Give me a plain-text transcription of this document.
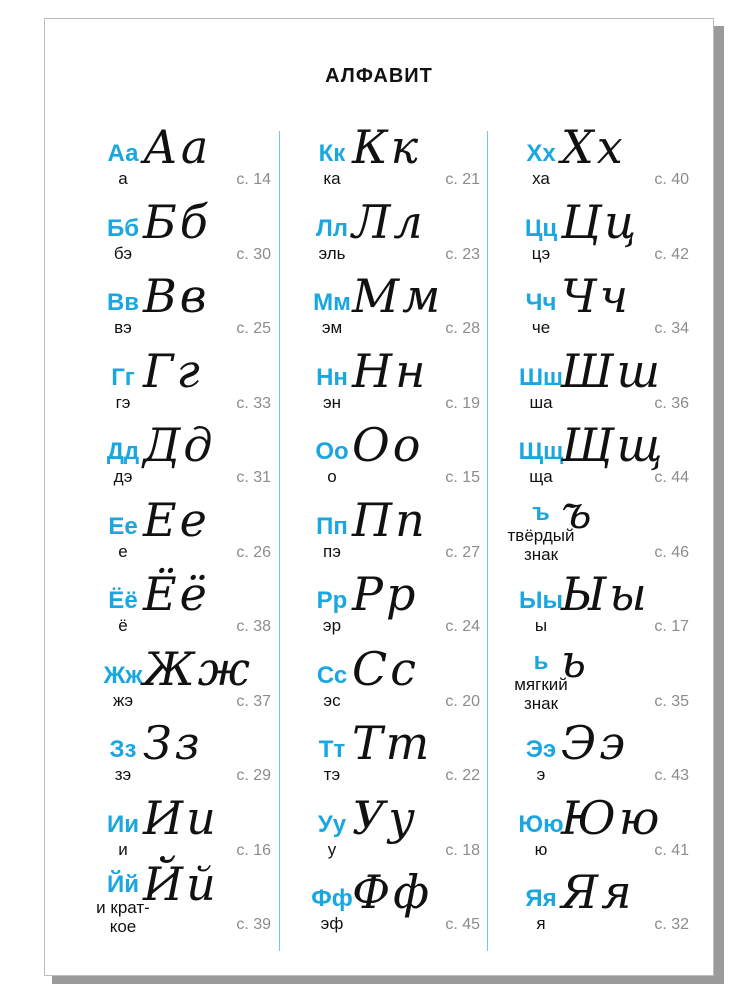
АЛФАВИТ
Аа
а
Аа
с. 14
Бб
бэ
Бб
с. 30
Вв
вэ
Вв
с. 25
Гг
гэ
Гг
с. 33
Дд
дэ
Дд
с. 31
Ее
е
Ее
с. 26
Ёё
ё
Ёё
с. 38
Жж
жэ
Жж
с. 37
Зз
зэ
Зз
с. 29
Ии
и
Ии
с. 16
Йй
и крат-
кое
Йй
с. 39
Кк
ка
Кк
с. 21
Лл
эль
Лл
с. 23
Мм
эм
Мм
с. 28
Нн
эн
Нн
с. 19
Оо
о
Оо
с. 15
Пп
пэ
Пп
с. 27
Рр
эр
Рр
с. 24
Сс
эс
Сс
с. 20
Тт
тэ
Тт
с. 22
Уу
у
Уу
с. 18
Фф
эф
Фф
с. 45
Хх
ха
Хх
с. 40
Цц
цэ
Цц
с. 42
Чч
че
Чч
с. 34
Шш
ша
Шш
с. 36
Щщ
ща
Щщ
с. 44
ъ
твёрдый
знак
ъ
с. 46
Ыы
ы
Ыы
с. 17
ь
мягкий
знак
ь
с. 35
Ээ
э
Ээ
с. 43
Юю
ю
Юю
с. 41
Яя
я
Яя
с. 32
